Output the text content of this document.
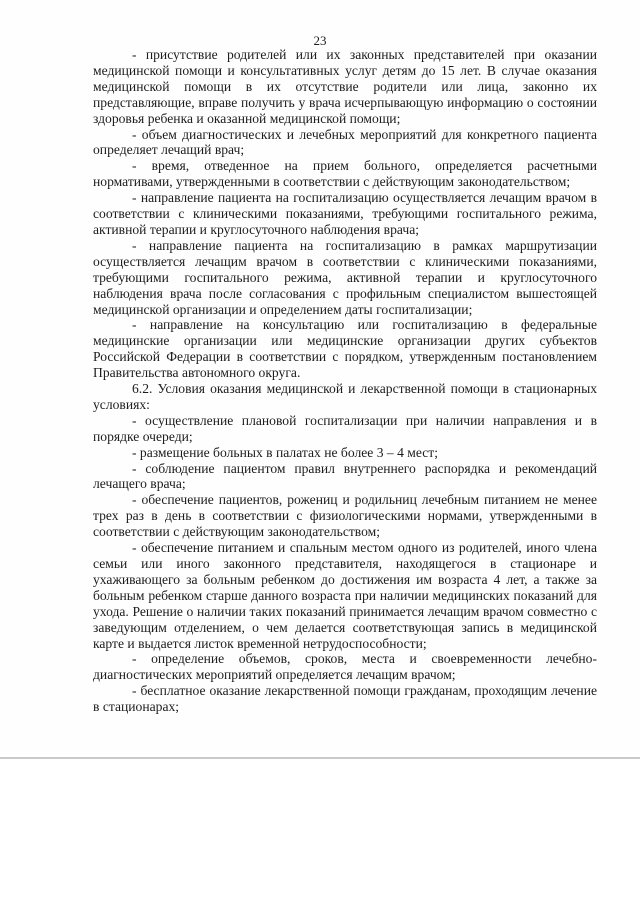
23

- присутствие родителей или их законных представителей при оказании медицинской помощи и консультативных услуг детям до 15 лет. В случае оказания медицинской помощи в их отсутствие родители или лица, законно их представляющие, вправе получить у врача исчерпывающую информацию о состоянии здоровья ребенка и оказанной медицинской помощи;

- объем диагностических и лечебных мероприятий для конкретного пациента определяет лечащий врач;

- время, отведенное на прием больного, определяется расчетными нормативами, утвержденными в соответствии с действующим законодательством;

- направление пациента на госпитализацию осуществляется лечащим врачом в соответствии с клиническими показаниями, требующими госпитального режима, активной терапии и круглосуточного наблюдения врача;

- направление пациента на госпитализацию в рамках маршрутизации осуществляется лечащим врачом в соответствии с клиническими показаниями, требующими госпитального режима, активной терапии и круглосуточного наблюдения врача после согласования с профильным специалистом вышестоящей медицинской организации и определением даты госпитализации;

- направление на консультацию или госпитализацию в федеральные медицинские организации или медицинские организации других субъектов Российской Федерации в соответствии с порядком, утвержденным постановлением Правительства автономного округа.

6.2. Условия оказания медицинской и лекарственной помощи в стационарных условиях:

- осуществление плановой госпитализации при наличии направления и в порядке очереди;

- размещение больных в палатах не более 3 – 4 мест;

- соблюдение пациентом правил внутреннего распорядка и рекомендаций лечащего врача;

- обеспечение пациентов, рожениц и родильниц лечебным питанием не менее трех раз в день в соответствии с физиологическими нормами, утвержденными в соответствии с действующим законодательством;

- обеспечение питанием и спальным местом одного из родителей, иного члена семьи или иного законного представителя, находящегося в стационаре и ухаживающего за больным ребенком до достижения им возраста 4 лет, а также за больным ребенком старше данного возраста при наличии медицинских показаний для ухода. Решение о наличии таких показаний принимается лечащим врачом совместно с заведующим отделением, о чем делается соответствующая запись в медицинской карте и выдается листок временной нетрудоспособности;

- определение объемов, сроков, места и своевременности лечебно-диагностических мероприятий определяется лечащим врачом;

- бесплатное оказание лекарственной помощи гражданам, проходящим лечение в стационарах;
